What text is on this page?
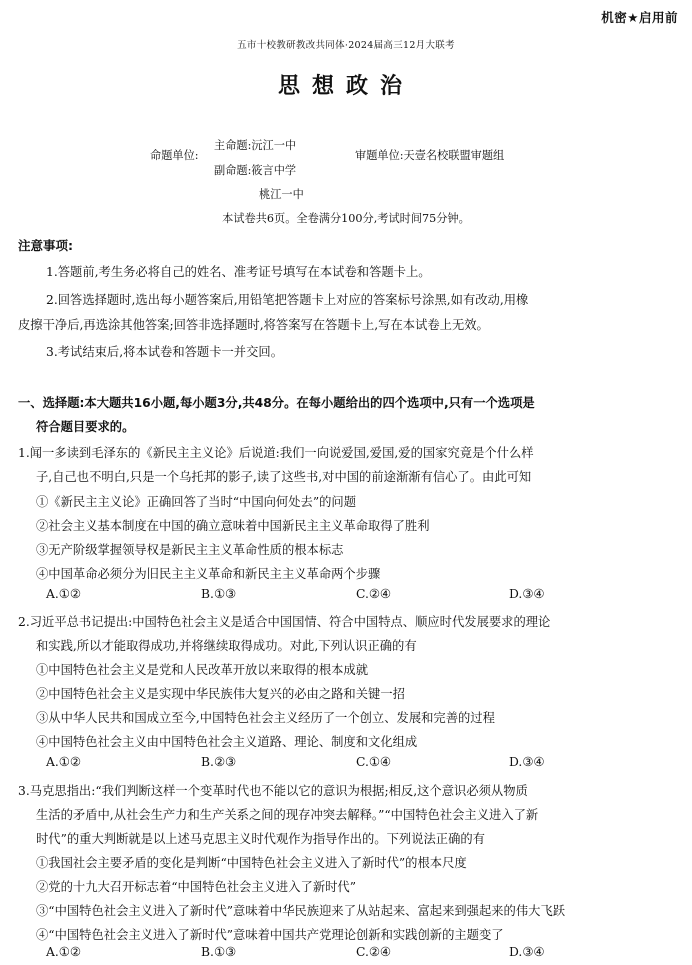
机密★启用前
五市十校教研教改共同体·2024届高三12月大联考
思想政治
命题单位:
主命题:沅江一中
副命题:筱言中学
桃江一中
审题单位:天壹名校联盟审题组
本试卷共6页。全卷满分100分,考试时间75分钟。
注意事项:
1.答题前,考生务必将自己的姓名、准考证号填写在本试卷和答题卡上。
2.回答选择题时,选出每小题答案后,用铅笔把答题卡上对应的答案标号涂黑,如有改动,用橡
皮擦干净后,再选涂其他答案;回答非选择题时,将答案写在答题卡上,写在本试卷上无效。
3.考试结束后,将本试卷和答题卡一并交回。
一、选择题:本大题共16小题,每小题3分,共48分。在每小题给出的四个选项中,只有一个选项是
符合题目要求的。
1.闻一多读到毛泽东的《新民主主义论》后说道:我们一向说爱国,爱国,爱的国家究竟是个什么样
子,自己也不明白,只是一个乌托邦的影子,读了这些书,对中国的前途渐渐有信心了。由此可知
①《新民主主义论》正确回答了当时“中国向何处去”的问题
②社会主义基本制度在中国的确立意味着中国新民主主义革命取得了胜利
③无产阶级掌握领导权是新民主主义革命性质的根本标志
④中国革命必须分为旧民主主义革命和新民主主义革命两个步骤
A.①②	B.①③	C.②④	D.③④
2.习近平总书记提出:中国特色社会主义是适合中国国情、符合中国特点、顺应时代发展要求的理论
和实践,所以才能取得成功,并将继续取得成功。对此,下列认识正确的有
①中国特色社会主义是党和人民改革开放以来取得的根本成就
②中国特色社会主义是实现中华民族伟大复兴的必由之路和关键一招
③从中华人民共和国成立至今,中国特色社会主义经历了一个创立、发展和完善的过程
④中国特色社会主义由中国特色社会主义道路、理论、制度和文化组成
A.①②	B.②③	C.①④	D.③④
3.马克思指出:“我们判断这样一个变革时代也不能以它的意识为根据;相反,这个意识必须从物质
生活的矛盾中,从社会生产力和生产关系之间的现存冲突去解释。”“中国特色社会主义进入了新
时代”的重大判断就是以上述马克思主义时代观作为指导作出的。下列说法正确的有
①我国社会主要矛盾的变化是判断“中国特色社会主义进入了新时代”的根本尺度
②党的十九大召开标志着“中国特色社会主义进入了新时代”
③“中国特色社会主义进入了新时代”意味着中华民族迎来了从站起来、富起来到强起来的伟大飞跃
④“中国特色社会主义进入了新时代”意味着中国共产党理论创新和实践创新的主题变了
A.①②	B.①③	C.②④	D.③④
